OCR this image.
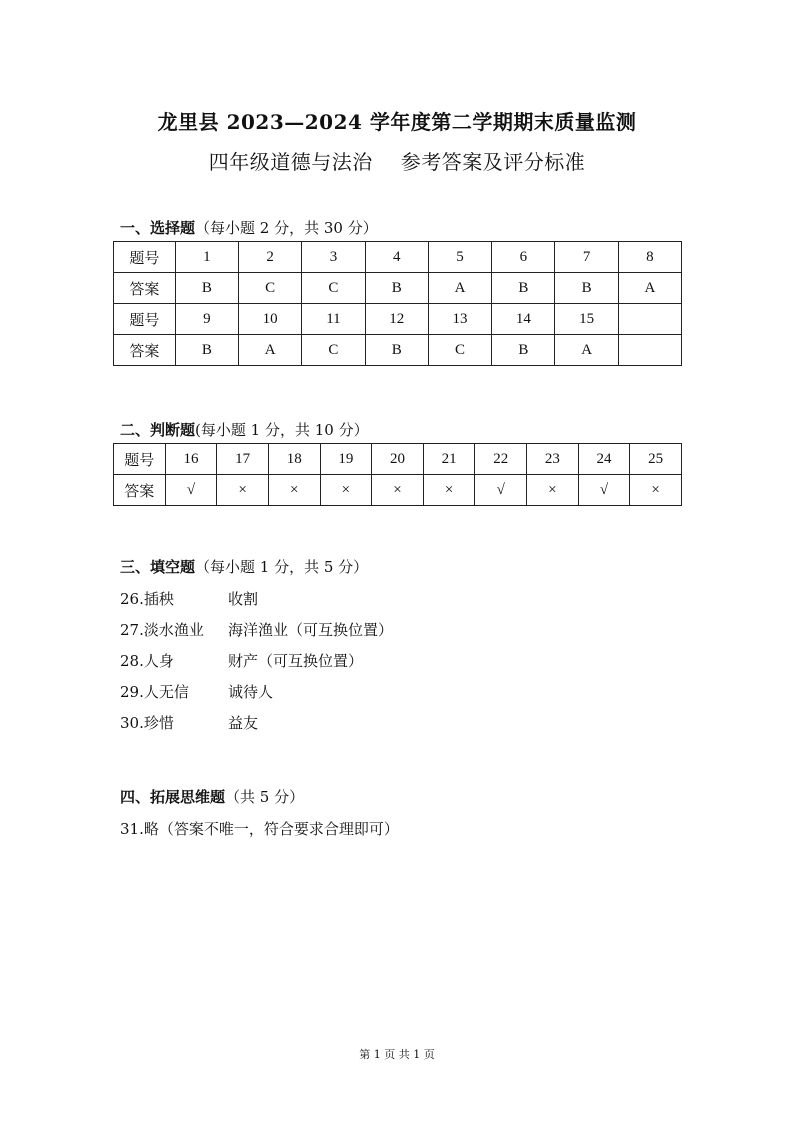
龙里县 2023—2024 学年度第二学期期末质量监测
四年级道德与法治 参考答案及评分标准
一、选择题（每小题 2 分，共 30 分）
题号	1	2	3	4	5	6	7	8
答案	B	C	C	B	A	B	B	A
题号	9	10	11	12	13	14	15	
答案	B	A	C	B	C	B	A	
二、判断题(每小题 1 分，共 10 分）
题号	16	17	18	19	20	21	22	23	24	25
答案	√	×	×	×	×	×	√	×	√	×
三、填空题（每小题 1 分，共 5 分）
26.插秧	收割
27.淡水渔业 海洋渔业（可互换位置）
28.人身	财产（可互换位置）
29.人无信	诚待人
30.珍惜	益友
四、拓展思维题（共 5 分）
31.略（答案不唯一，符合要求合理即可）
第 1 页 共 1 页
